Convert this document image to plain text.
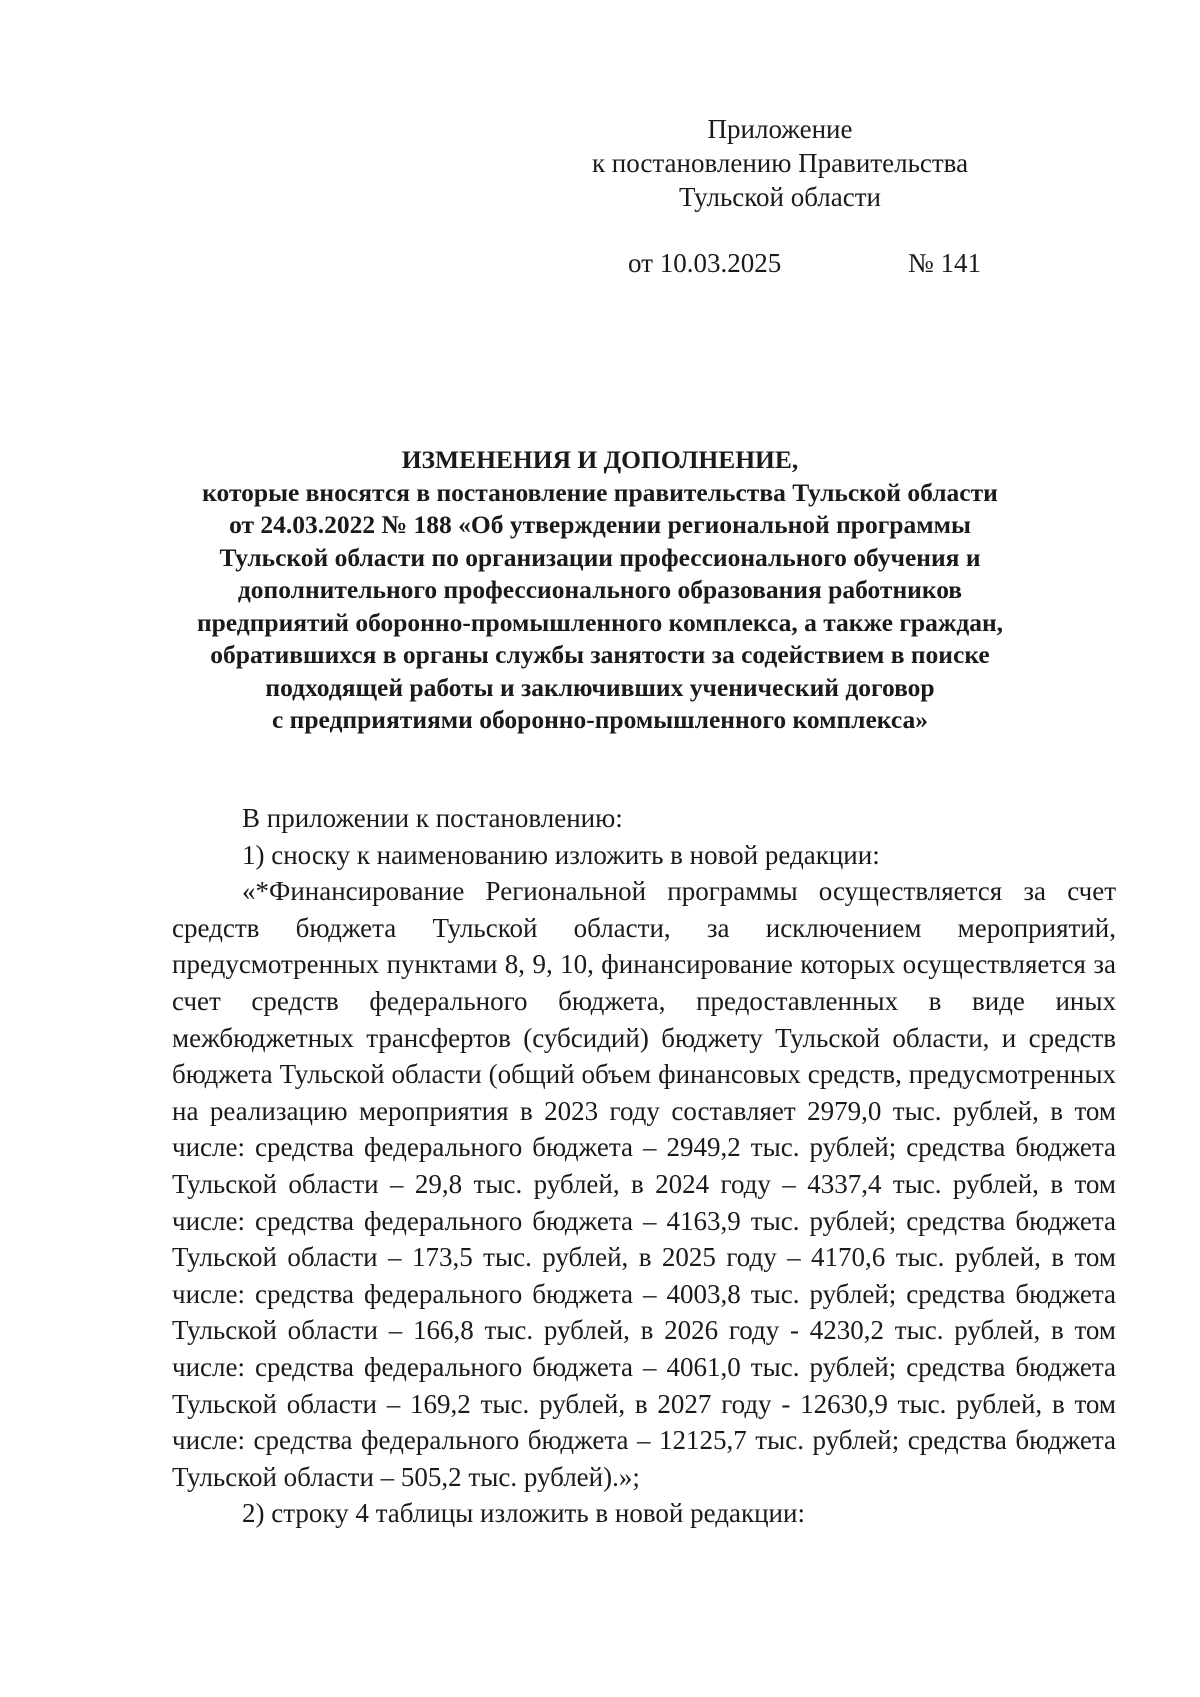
Приложение
к постановлению Правительства
Тульской области
от 10.03.2025	№ 141
ИЗМЕНЕНИЯ И ДОПОЛНЕНИЕ,
которые вносятся в постановление правительства Тульской области
от 24.03.2022 № 188 «Об утверждении региональной программы
Тульской области по организации профессионального обучения и
дополнительного профессионального образования работников
предприятий оборонно-промышленного комплекса, а также граждан,
обратившихся в органы службы занятости за содействием в поиске
подходящей работы и заключивших ученический договор
с предприятиями оборонно-промышленного комплекса»
В приложении к постановлению:
1) сноску к наименованию изложить в новой редакции:

«*Финансирование Региональной программы осуществляется за счет средств бюджета Тульской области, за исключением мероприятий, предусмотренных пунктами 8, 9, 10, финансирование которых осуществляется за счет средств федерального бюджета, предоставленных в виде иных межбюджетных трансфертов (субсидий) бюджету Тульской области, и средств бюджета Тульской области (общий объем финансовых средств, предусмотренных на реализацию мероприятия в 2023 году составляет 2979,0 тыс. рублей, в том числе: средства федерального бюджета – 2949,2 тыс. рублей; средства бюджета Тульской области – 29,8 тыс. рублей, в 2024 году – 4337,4 тыс. рублей, в том числе: средства федерального бюджета – 4163,9 тыс. рублей; средства бюджета Тульской области – 173,5 тыс. рублей, в 2025 году – 4170,6 тыс. рублей, в том числе: средства федерального бюджета – 4003,8 тыс. рублей; средства бюджета Тульской области – 166,8 тыс. рублей, в 2026 году - 4230,2 тыс. рублей, в том числе: средства федерального бюджета – 4061,0 тыс. рублей; средства бюджета Тульской области – 169,2 тыс. рублей, в 2027 году - 12630,9 тыс. рублей, в том числе: средства федерального бюджета – 12125,7 тыс. рублей; средства бюджета Тульской области – 505,2 тыс. рублей).»;

2) строку 4 таблицы изложить в новой редакции:
